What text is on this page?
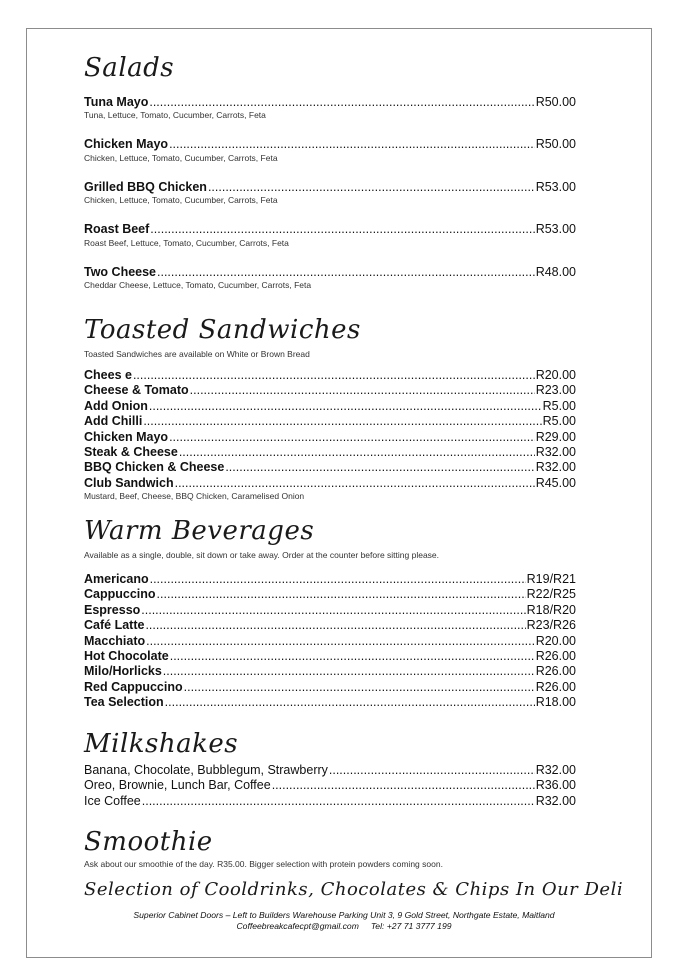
Salads
Tuna Mayo .....	R50.00
Tuna, Lettuce, Tomato, Cucumber, Carrots, Feta
Chicken Mayo .....	R50.00
Chicken, Lettuce, Tomato, Cucumber, Carrots, Feta
Grilled BBQ Chicken .....	R53.00
Chicken, Lettuce, Tomato, Cucumber, Carrots, Feta
Roast Beef .....	R53.00
Roast Beef, Lettuce, Tomato, Cucumber, Carrots, Feta
Two Cheese .....	R48.00
Cheddar Cheese, Lettuce, Tomato, Cucumber, Carrots, Feta
Toasted Sandwiches
Toasted Sandwiches are available on White or Brown Bread
Chees e .....	R20.00
Cheese & Tomato .....	R23.00
Add Onion .....	R5.00
Add Chilli .....	R5.00
Chicken Mayo .....	R29.00
Steak & Cheese .....	R32.00
BBQ Chicken & Cheese .....	R32.00
Club Sandwich .....	R45.00
Mustard, Beef, Cheese, BBQ Chicken, Caramelised Onion
Warm Beverages
Available as a single, double, sit down or take away. Order at the counter before sitting please.
Americano .....	R19/R21
Cappuccino .....	R22/R25
Espresso .....	R18/R20
Café Latte .....	R23/R26
Macchiato .....	R20.00
Hot Chocolate .....	R26.00
Milo/Horlicks .....	R26.00
Red Cappuccino .....	R26.00
Tea Selection .....	R18.00
Milkshakes
Banana, Chocolate, Bubblegum, Strawberry .....	R32.00
Oreo, Brownie, Lunch Bar, Coffee .....	R36.00
Ice Coffee .....	R32.00
Smoothie
Ask about our smoothie of the day. R35.00. Bigger selection with protein powders coming soon.
Selection of Cooldrinks, Chocolates & Chips In Our Deli
Superior Cabinet Doors – Left to Builders Warehouse Parking Unit 3, 9 Gold Street, Northgate Estate, Maitland
Coffeebreakcafecpt@gmail.com Tel: +27 71 3777 199
